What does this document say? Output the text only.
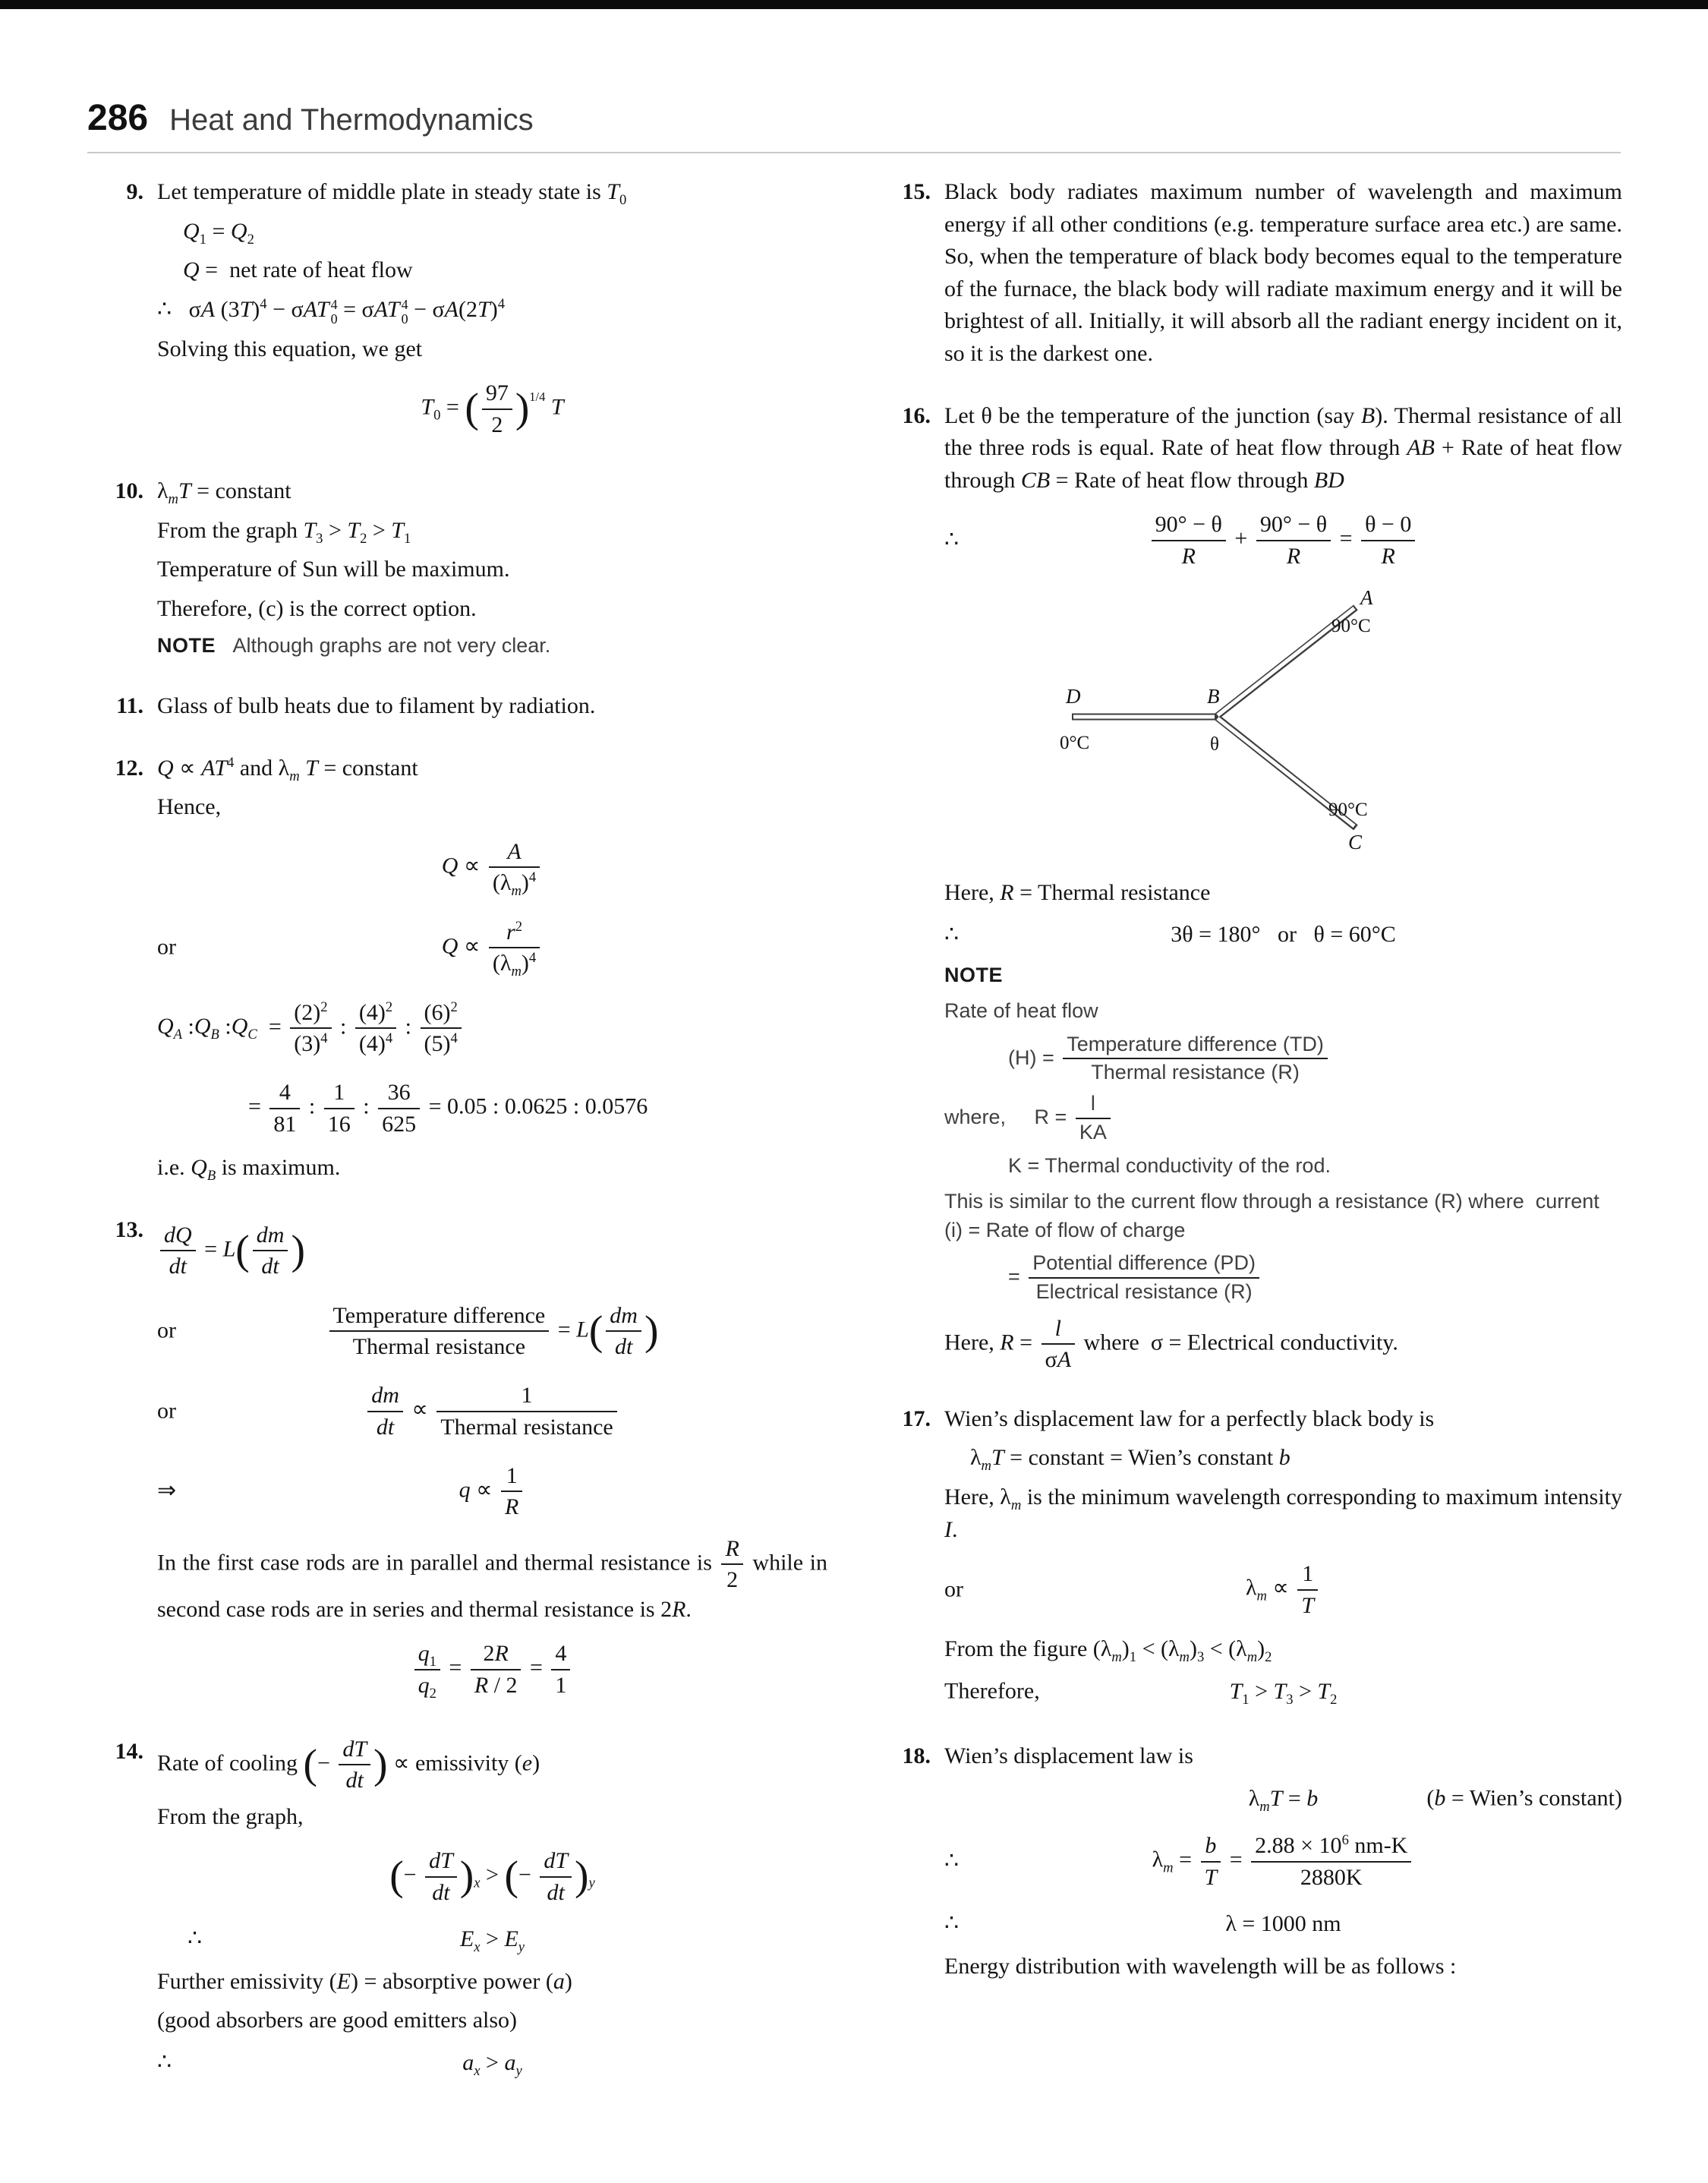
286 Heat and Thermodynamics
9. Let temperature of middle plate in steady state is $T_0$
$Q_1 = Q_2$
Q =  net rate of heat flow
∴   σA $(3T)^4 - \sigma AT$ 4
0 = σAT 4
$0 - \sigma A(2T)^4$
Solving this equation, we get
$T_0$ = ( $\frac{97}{2} )^{1/4}$ T
10. $\lambda_mT$ = constant
From the graph $T_3 > T_2 > T_1$
Temperature of Sun will be maximum.
Therefore, (c) is the correct option.
NOTE   Although graphs are not very clear.
11. Glass of bulb heats due to filament by radiation.
12. $Q \propto AT^4$ and $\lambda_m$ T = constant
Hence,
$Q \propto \frac{A}{(\lambda_m)^4}$
or	$Q \propto \frac{r^2}{(\lambda_m)^4}$
$Q_A$ $:Q_B$ $:Q_C = \frac{(2)^2}{(3)^4}$ : $\frac{(4)^2}{(4)^4}$ : $\frac{(6)^2}{(5)^4}$
= $\frac{4}{81}$ : $\frac{1}{16}$ : $\frac{36}{625} = 0.05$ : 0.0625 : 0.0576
i.e. $Q_B$ is maximum.
13. $\frac{dQ}{dt} = L( \frac{dm}{dt}$ )
or	$\frac{\text{Temperature difference}}{\text{Thermal resistance}} = L( \frac{dm}{dt}$ )
or	$\frac{dm}{dt} \propto \frac{1}{\text{Thermal resistance}}$
⇒	$q \propto \frac{1}{R}$
In the first case rods are in parallel and thermal resistance is $\frac{R}{2}$ while in second case rods are in series and thermal resistance is 2R.
$\frac{q_1}{q_2} = \frac{2R}{R / 2} = \frac{4}{1}$
14. Rate of cooling (− $\frac{dT}{dt}$ ) ∝ emissivity (e)
From the graph,
(− $\frac{dT}{dt} )_x$ > (− $\frac{dT}{dt} )_y$
∴	$E_x > E_y$
Further emissivity (E) = absorptive power (a)
(good absorbers are good emitters also)
∴	$a_x > a_y$
15. Black body radiates maximum number of wavelength and maximum energy if all other conditions (e.g. temperature surface area etc.) are same. So, when the temperature of black body becomes equal to the temperature of the furnace, the black body will radiate maximum energy and it will be brightest of all. Initially, it will absorb all the radiant energy incident on it, so it is the darkest one.
16. Let θ be the temperature of the junction (say B). Thermal resistance of all the three rods is equal. Rate of heat flow through AB + Rate of heat flow through CB = Rate of heat flow through BD
∴	$\frac{90^\circ - \theta}{R} + \frac{90^\circ - \theta}{R} = \frac{\theta - 0}{R}$
D
0°C
B
θ
A
90°C
90°C
C
Here, R = Thermal resistance
∴	3θ = 180°   or   θ = 60°C
NOTE
Rate of heat flow
$(H) = \frac{\text{Temperature difference (TD)}}{\text{Thermal resistance (R)}}$
where,     $R = \frac{l}{KA}$
K = Thermal conductivity of the rod.
This is similar to the current flow through a resistance (R) where  current (i) = Rate of flow of charge
= $\frac{\text{Potential difference (PD)}}{\text{Electrical resistance (R)}}$
Here, $R = \frac{l}{\sigma A}$ where  σ = Electrical conductivity.
17. Wien’s displacement law for a perfectly black body is
$\lambda_mT$ = constant = Wien’s constant b
Here, $\lambda_m$ is the minimum wavelength corresponding to maximum intensity I.
or	$\lambda_m \propto \frac{1}{T}$
From the figure $(\lambda_m)_1 < (\lambda_m)_3 < (\lambda_m)_2$
Therefore,	$T_1 > T_3 > T_2$
18. Wien’s displacement law is
$\lambda_mT = b$	(b = Wien’s constant)
∴	$\lambda_m = \frac{b}{T} = \frac{2.88 \times 10^6 nm-K}{2880K}$
∴	λ = 1000 nm
Energy distribution with wavelength will be as follows :
